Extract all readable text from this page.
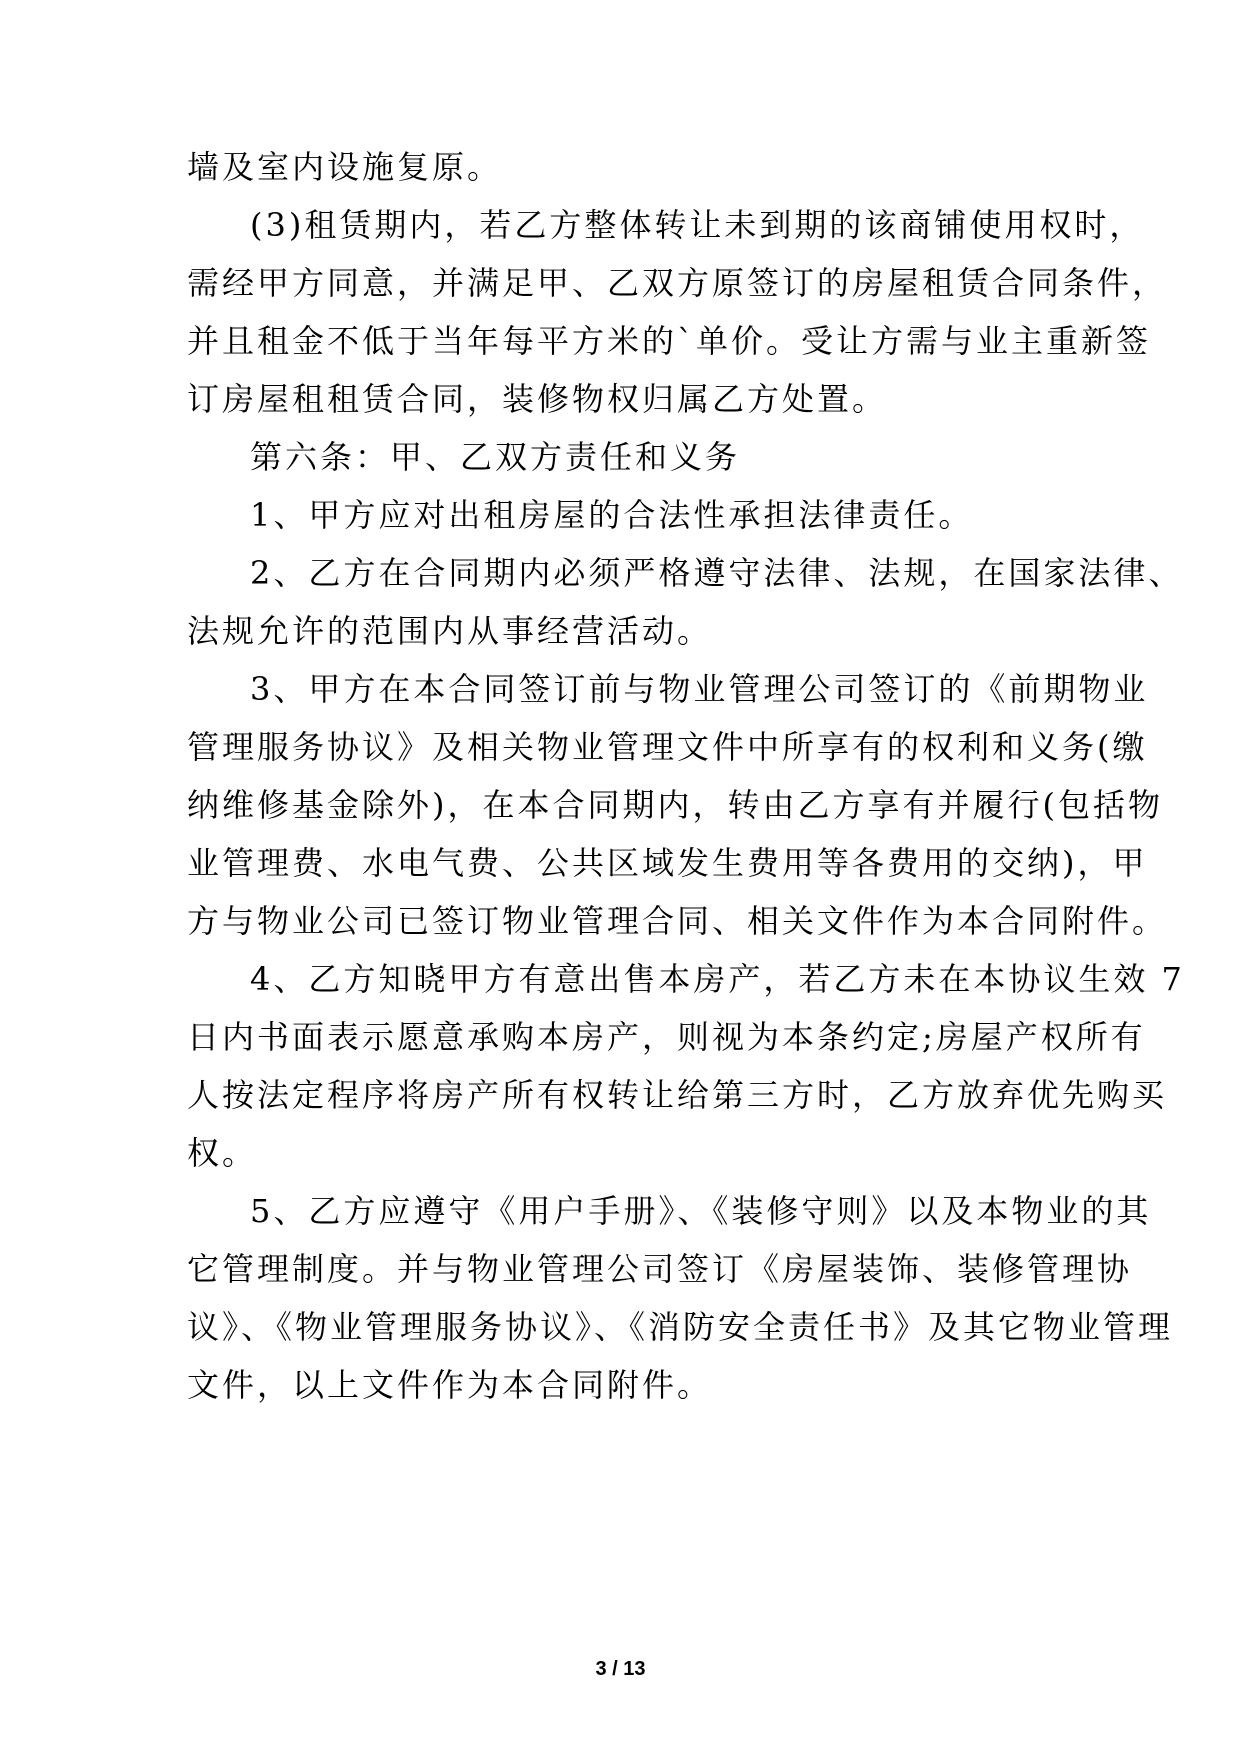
墙及室内设施复原。
(3)租赁期内，若乙方整体转让未到期的该商铺使用权时，
需经甲方同意，并满足甲、乙双方原签订的房屋租赁合同条件，
并且租金不低于当年每平方米的`单价。受让方需与业主重新签
订房屋租租赁合同，装修物权归属乙方处置。
第六条：甲、乙双方责任和义务
1、甲方应对出租房屋的合法性承担法律责任。
2、乙方在合同期内必须严格遵守法律、法规，在国家法律、
法规允许的范围内从事经营活动。
3、甲方在本合同签订前与物业管理公司签订的《前期物业
管理服务协议》及相关物业管理文件中所享有的权利和义务(缴
纳维修基金除外)，在本合同期内，转由乙方享有并履行(包括物
业管理费、水电气费、公共区域发生费用等各费用的交纳)，甲
方与物业公司已签订物业管理合同、相关文件作为本合同附件。
4、乙方知晓甲方有意出售本房产，若乙方未在本协议生效 7
日内书面表示愿意承购本房产，则视为本条约定;房屋产权所有
人按法定程序将房产所有权转让给第三方时，乙方放弃优先购买
权。
5、乙方应遵守《用户手册》、《装修守则》以及本物业的其
它管理制度。并与物业管理公司签订《房屋装饰、装修管理协
议》、《物业管理服务协议》、《消防安全责任书》及其它物业管理
文件，以上文件作为本合同附件。
3 / 13
